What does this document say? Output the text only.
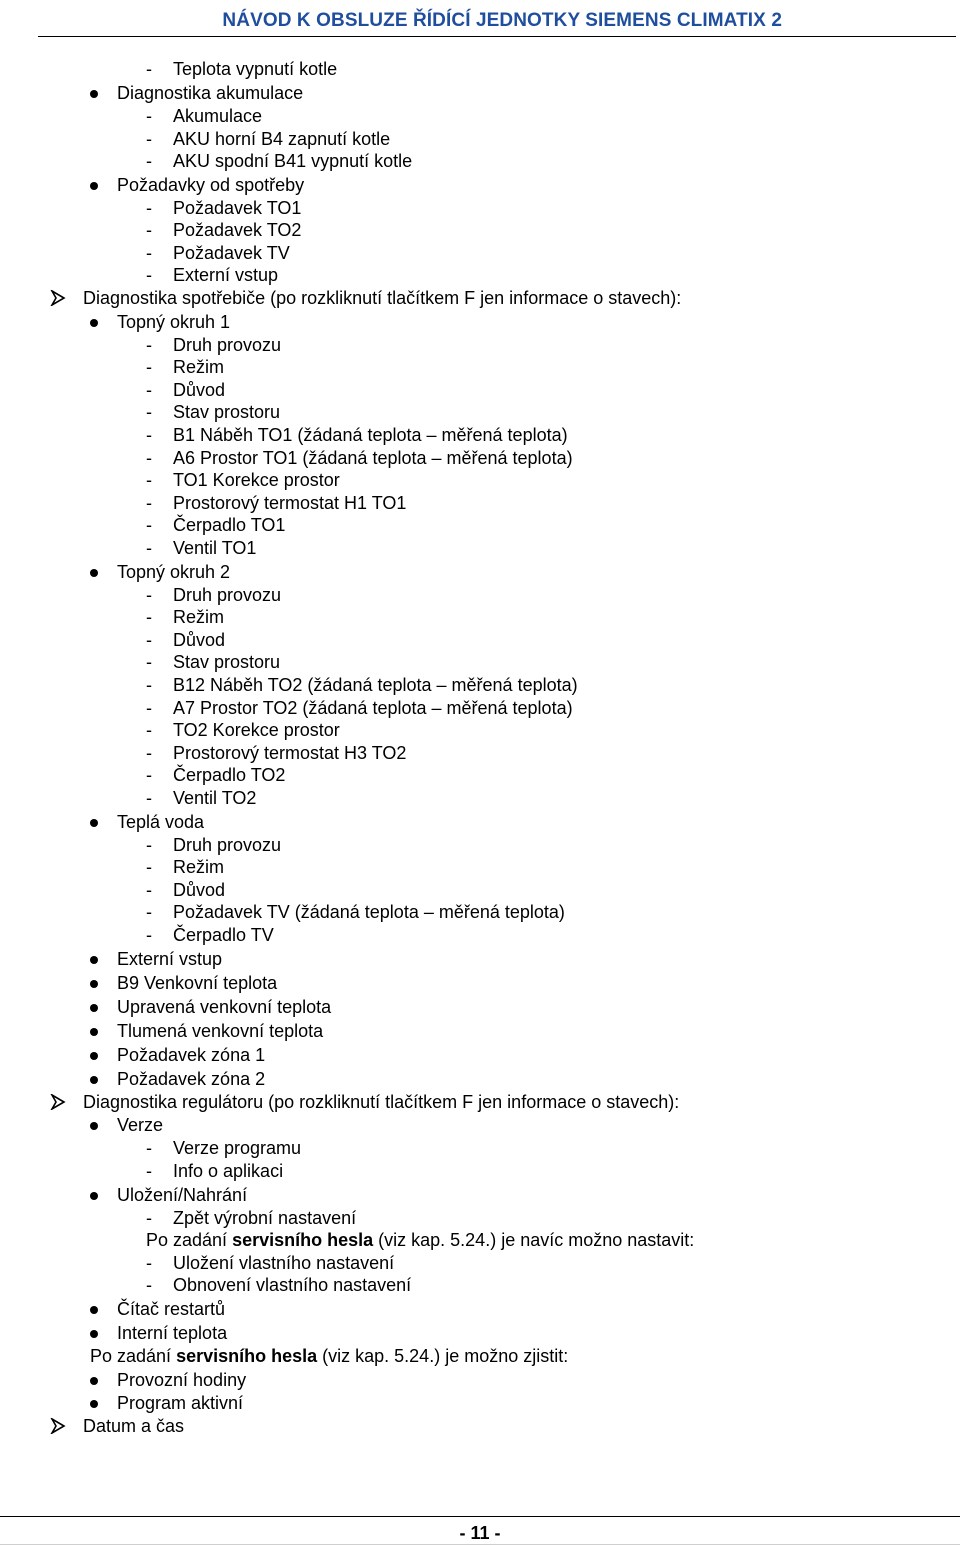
NÁVOD K OBSLUZE ŘÍDÍCÍ JEDNOTKY SIEMENS CLIMATIX 2
- Teplota vypnutí kotle
Diagnostika akumulace
- Akumulace
- AKU horní B4 zapnutí kotle
- AKU spodní B41 vypnutí kotle
Požadavky od spotřeby
- Požadavek TO1
- Požadavek TO2
- Požadavek TV
- Externí vstup
Diagnostika spotřebiče (po rozkliknutí tlačítkem F jen informace o stavech):
Topný okruh 1
- Druh provozu
- Režim
- Důvod
- Stav prostoru
- B1 Náběh TO1 (žádaná teplota – měřená teplota)
- A6 Prostor TO1 (žádaná teplota – měřená teplota)
- TO1 Korekce prostor
- Prostorový termostat H1 TO1
- Čerpadlo TO1
- Ventil TO1
Topný okruh 2
- Druh provozu
- Režim
- Důvod
- Stav prostoru
- B12 Náběh TO2 (žádaná teplota – měřená teplota)
- A7 Prostor TO2 (žádaná teplota – měřená teplota)
- TO2 Korekce prostor
- Prostorový termostat H3 TO2
- Čerpadlo TO2
- Ventil TO2
Teplá voda
- Druh provozu
- Režim
- Důvod
- Požadavek TV (žádaná teplota – měřená teplota)
- Čerpadlo TV
Externí vstup
B9 Venkovní teplota
Upravená venkovní teplota
Tlumená venkovní teplota
Požadavek zóna 1
Požadavek zóna 2
Diagnostika regulátoru (po rozkliknutí tlačítkem F jen informace o stavech):
Verze
- Verze programu
- Info o aplikaci
Uložení/Nahrání
- Zpět výrobní nastavení
Po zadání servisního hesla (viz kap. 5.24.) je navíc možno nastavit:
- Uložení vlastního nastavení
- Obnovení vlastního nastavení
Čítač restartů
Interní teplota
Po zadání servisního hesla (viz kap. 5.24.) je možno zjistit:
Provozní hodiny
Program aktivní
Datum a čas
- 11 -
